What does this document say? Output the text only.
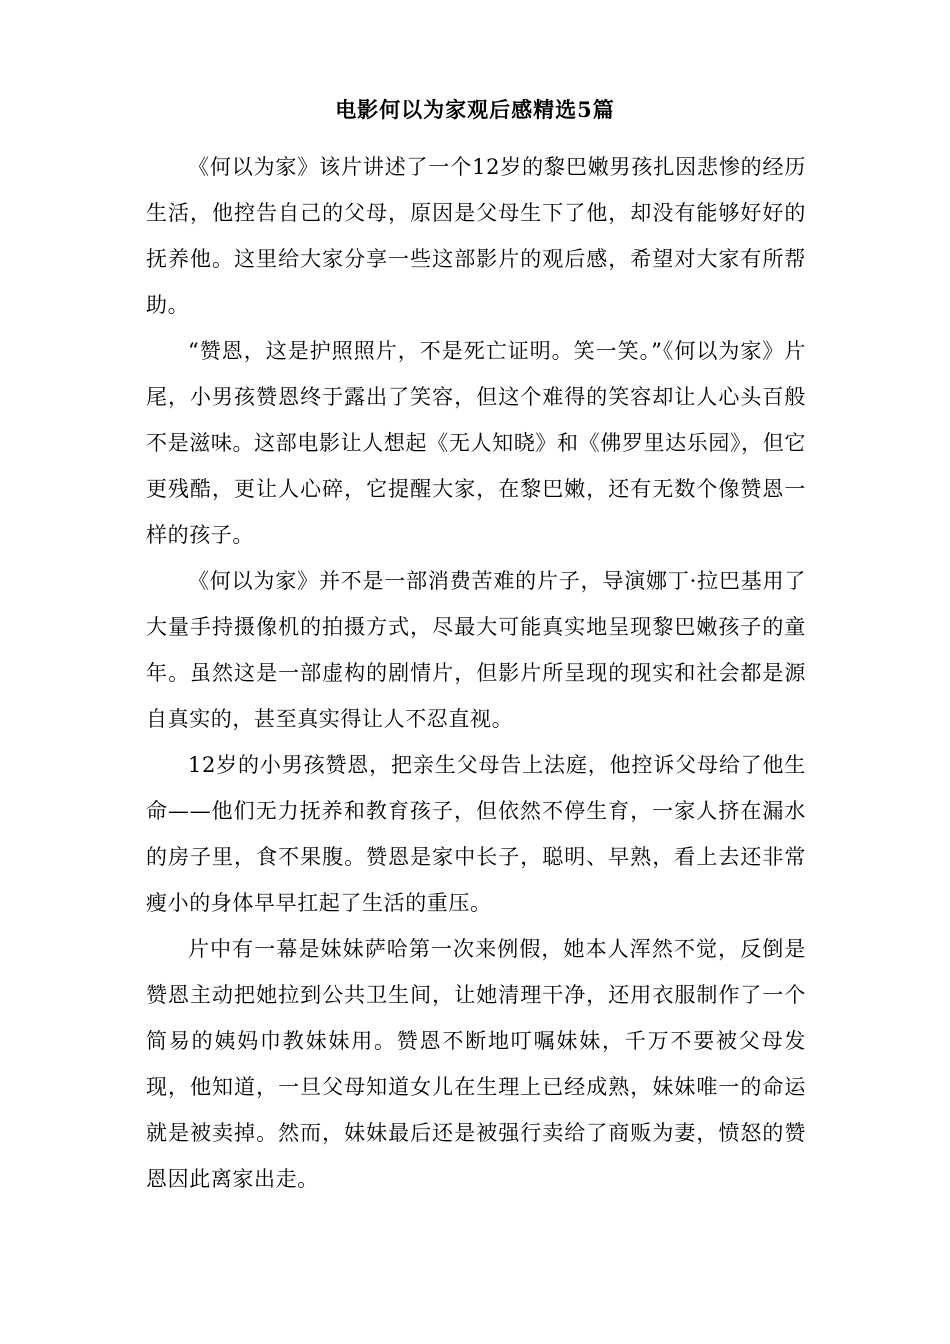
电影何以为家观后感精选5篇

《何以为家》该片讲述了一个12岁的黎巴嫩男孩扎因悲惨的经历生活，他控告自己的父母，原因是父母生下了他，却没有能够好好的抚养他。这里给大家分享一些这部影片的观后感，希望对大家有所帮助。

“赞恩，这是护照照片，不是死亡证明。笑一笑。”《何以为家》片尾，小男孩赞恩终于露出了笑容，但这个难得的笑容却让人心头百般不是滋味。这部电影让人想起《无人知晓》和《佛罗里达乐园》，但它更残酷，更让人心碎，它提醒大家，在黎巴嫩，还有无数个像赞恩一样的孩子。

《何以为家》并不是一部消费苦难的片子，导演娜丁·拉巴基用了大量手持摄像机的拍摄方式，尽最大可能真实地呈现黎巴嫩孩子的童年。虽然这是一部虚构的剧情片，但影片所呈现的现实和社会都是源自真实的，甚至真实得让人不忍直视。

12岁的小男孩赞恩，把亲生父母告上法庭，他控诉父母给了他生命——他们无力抚养和教育孩子，但依然不停生育，一家人挤在漏水的房子里，食不果腹。赞恩是家中长子，聪明、早熟，看上去还非常瘦小的身体早早扛起了生活的重压。

片中有一幕是妹妹萨哈第一次来例假，她本人浑然不觉，反倒是赞恩主动把她拉到公共卫生间，让她清理干净，还用衣服制作了一个简易的姨妈巾教妹妹用。赞恩不断地叮嘱妹妹，千万不要被父母发现，他知道，一旦父母知道女儿在生理上已经成熟，妹妹唯一的命运就是被卖掉。然而，妹妹最后还是被强行卖给了商贩为妻，愤怒的赞恩因此离家出走。
